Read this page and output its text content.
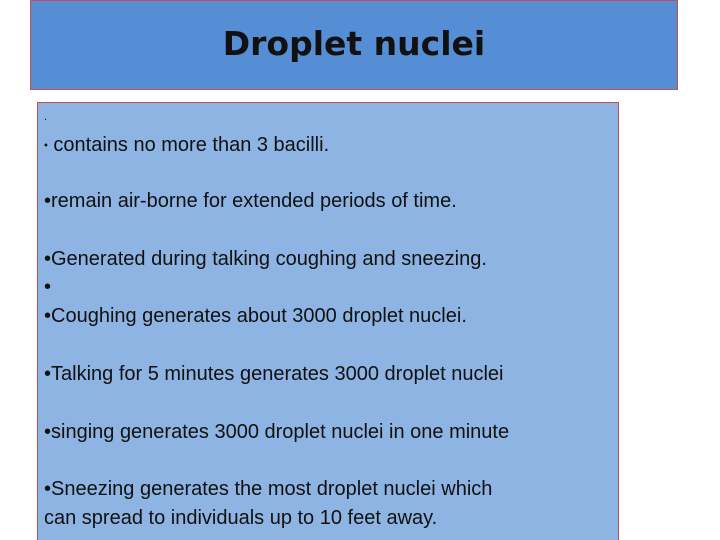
Droplet nuclei

.

• contains no more than 3 bacilli.

•remain air-borne for extended periods of time.

•Generated during talking coughing and sneezing.

•

•Coughing generates about 3000 droplet nuclei.

•Talking for 5 minutes generates 3000 droplet nuclei

•singing generates 3000 droplet nuclei in one minute

•Sneezing generates the most droplet nuclei which

can spread to individuals up to 10 feet away.
